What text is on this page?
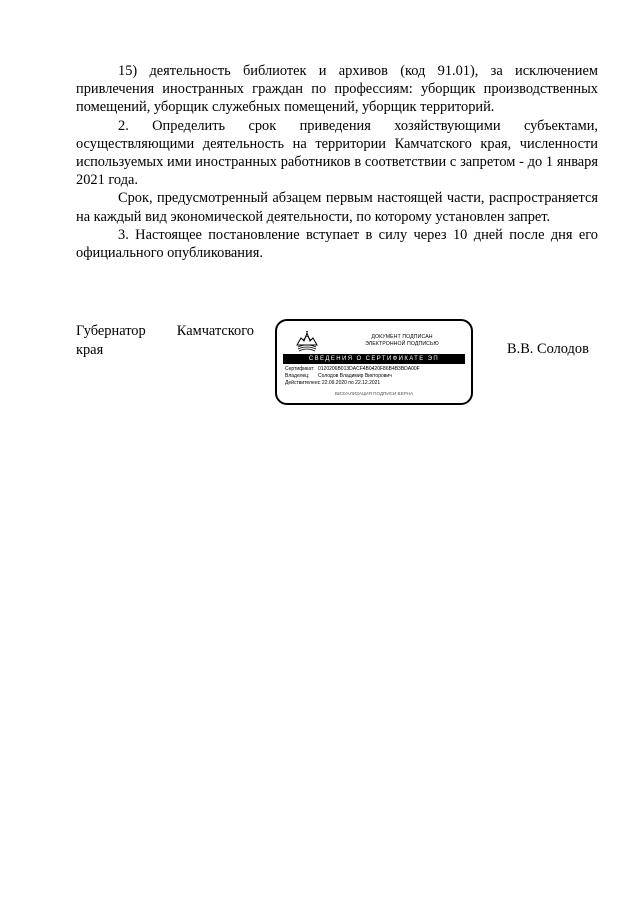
15) деятельность библиотек и архивов (код 91.01), за исключением привлечения иностранных граждан по профессиям: уборщик производственных помещений, уборщик служебных помещений, уборщик территорий.

2. Определить срок приведения хозяйствующими субъектами, осуществляющими деятельность на территории Камчатского края, численности используемых ими иностранных работников в соответствии с запретом - до 1 января 2021 года.

Срок, предусмотренный абзацем первым настоящей части, распространяется на каждый вид экономической деятельности, по которому установлен запрет.

3. Настоящее постановление вступает в силу через 10 дней после дня его официального опубликования.

Губернатор Камчатского
края
ДОКУМЕНТ ПОДПИСАН
ЭЛЕКТРОННОЙ ПОДПИСЬЮ
СВЕДЕНИЯ О СЕРТИФИКАТЕ ЭП
Сертификат: 0120206B013DACF4B0420F86B4B3BDA00F
Владелец:	Солодов Владимир Викторович
Действителен: с 22.09.2020 по 22.12.2021
ВИЗУАЛИЗАЦИЯ ПОДПИСИ ВЕРНА
В.В. Солодов
